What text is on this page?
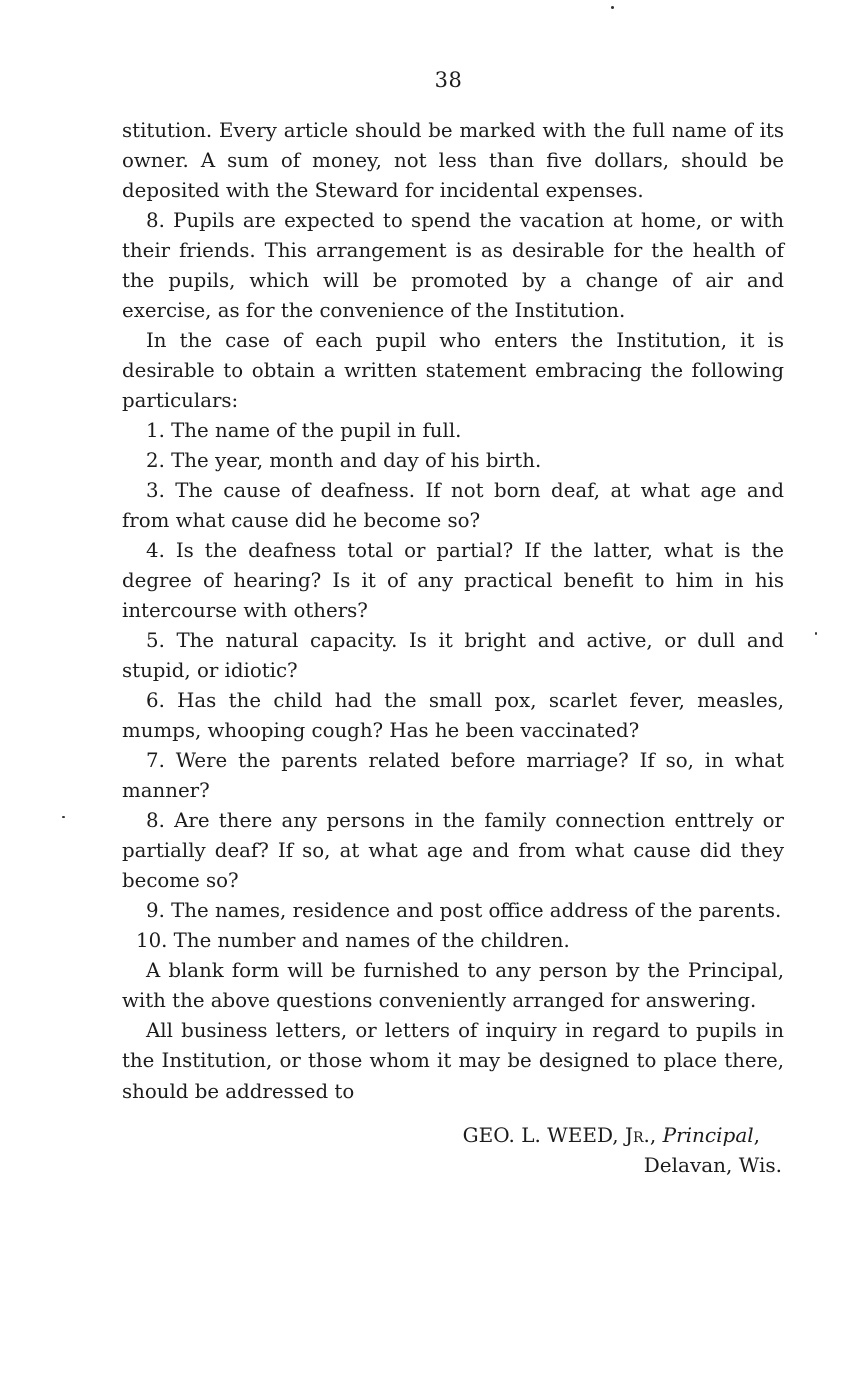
38

stitution. Every article should be marked with the full name of its owner. A sum of money, not less than five dollars, should be deposited with the Steward for incidental expenses.

8. Pupils are expected to spend the vacation at home, or with their friends. This arrangement is as desirable for the health of the pupils, which will be promoted by a change of air and exercise, as for the convenience of the Institution.

In the case of each pupil who enters the Institution, it is desirable to obtain a written statement embracing the following particulars:

1. The name of the pupil in full.

2. The year, month and day of his birth.

3. The cause of deafness. If not born deaf, at what age and from what cause did he become so?

4. Is the deafness total or partial? If the latter, what is the degree of hearing? Is it of any practical benefit to him in his intercourse with others?

5. The natural capacity. Is it bright and active, or dull and stupid, or idiotic?

6. Has the child had the small pox, scarlet fever, measles, mumps, whooping cough? Has he been vaccinated?

7. Were the parents related before marriage? If so, in what manner?

8. Are there any persons in the family connection enttrely or partially deaf? If so, at what age and from what cause did they become so?

9. The names, residence and post office address of the parents.

10. The number and names of the children.

A blank form will be furnished to any person by the Principal, with the above questions conveniently arranged for answering.

All business letters, or letters of inquiry in regard to pupils in the Institution, or those whom it may be designed to place there, should be addressed to

GEO. L. WEED, Jr., Principal,
Delavan, Wis.
